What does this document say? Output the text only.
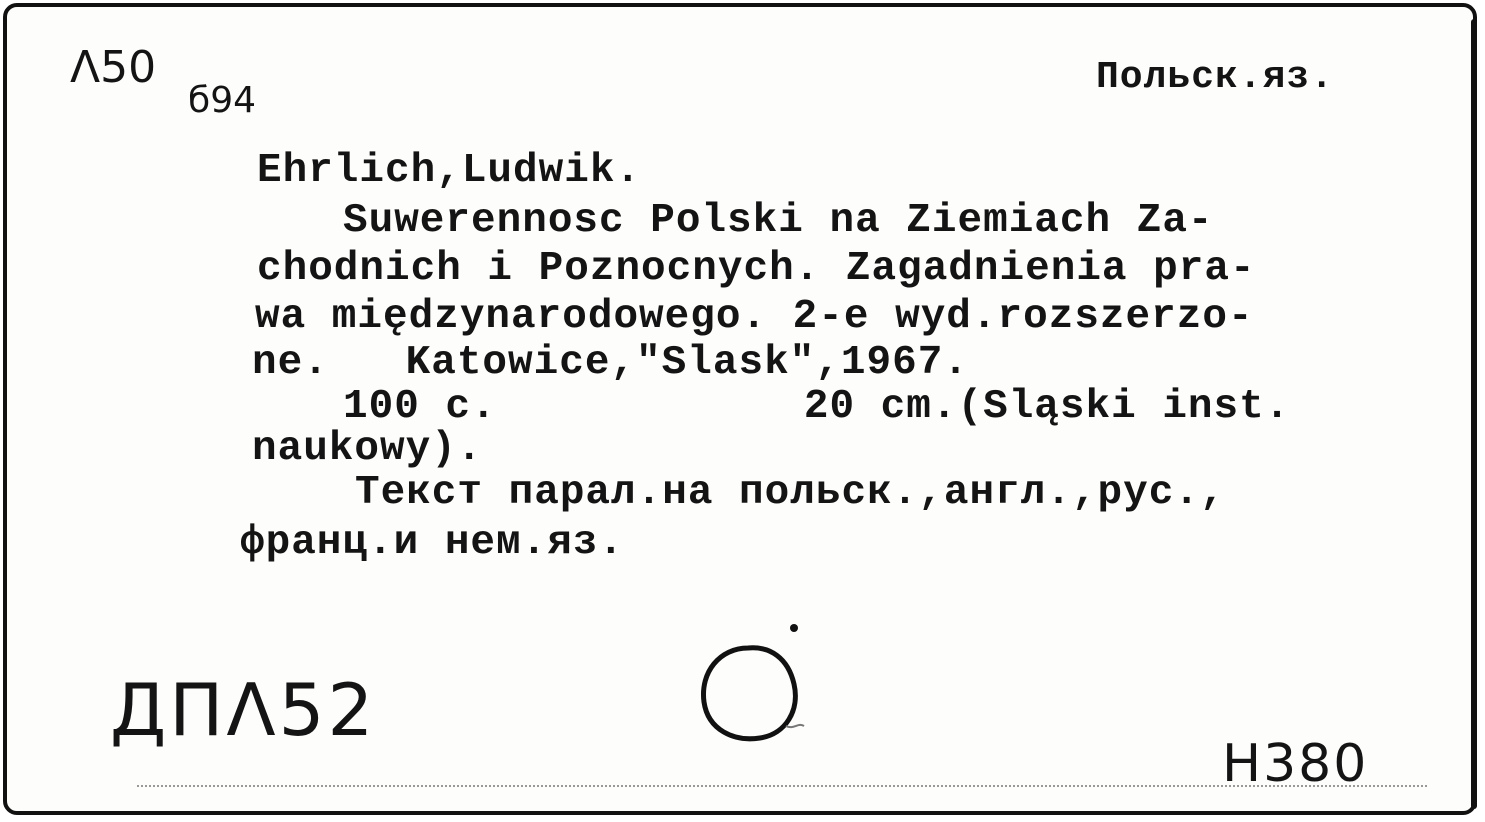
Λ50
б94
Польск.яз.
Ehrlich,Ludwik.
Suwerennosc Polski na Ziemiach Za-
chodnich i Poznocnych. Zagadnienia pra-
wa międzynarodowego. 2-e wyd.rozszerzo-
ne.   Katowice,"Slask",1967.
100 c.            20 cm.(Sląski inst.
naukowy).
Текст парал.на польск.,англ.,рус.,
франц.и нем.яз.
ДПΛ52
H380
